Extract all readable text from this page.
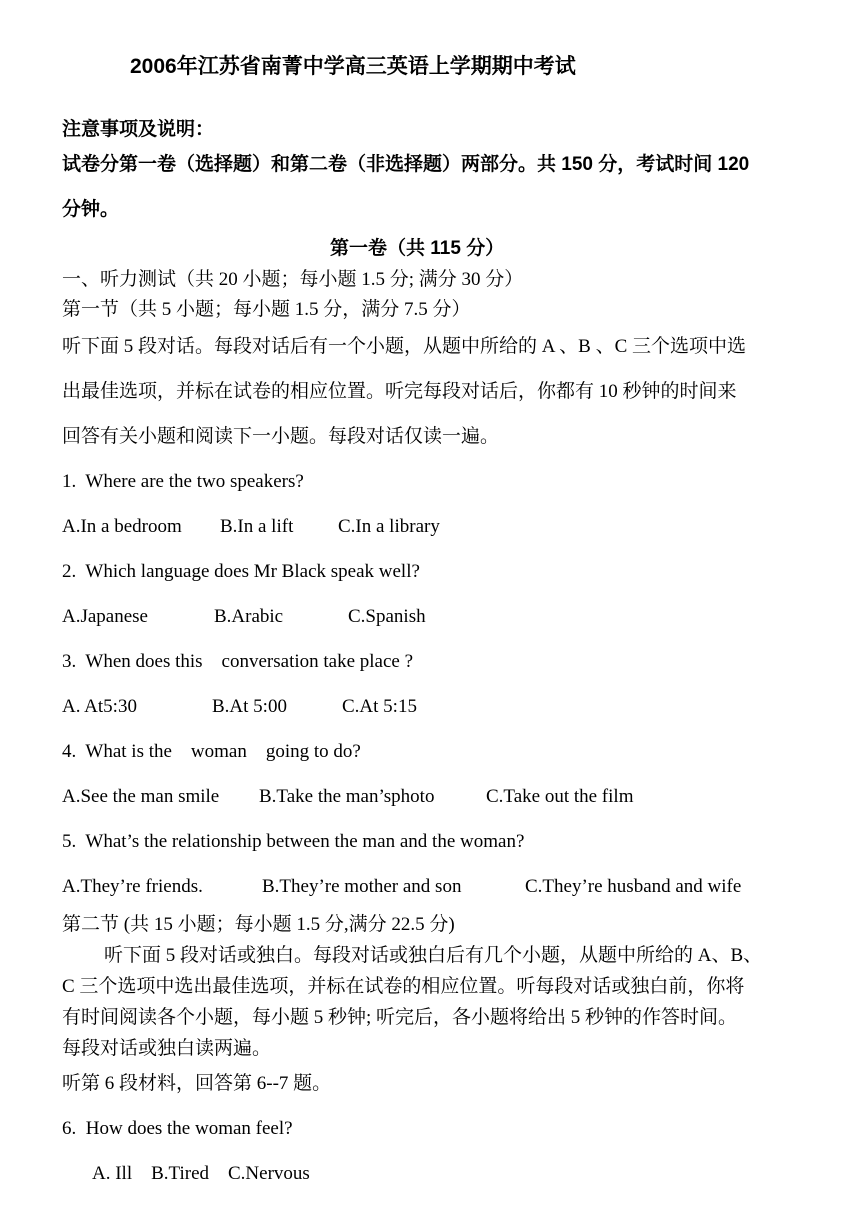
2006年江苏省南菁中学高三英语上学期期中考试
注意事项及说明：
试卷分第一卷（选择题）和第二卷（非选择题）两部分。共 150 分，考试时间 120
分钟。
第一卷（共 115 分）
一、听力测试（共 20 小题；每小题 1.5 分; 满分 30 分）
第一节（共 5 小题；每小题 1.5 分，满分 7.5 分）
听下面 5 段对话。每段对话后有一个小题，从题中所给的 A 、B 、C 三个选项中选
出最佳选项，并标在试卷的相应位置。听完每段对话后，你都有 10 秒钟的时间来
回答有关小题和阅读下一小题。每段对话仅读一遍。
1.  Where are the two speakers?
A.In a bedroom B.In a lift C.In a library
2.  Which language does Mr Black speak well?
A.Japanese	B.Arabic	C.Spanish
3.  When does this    conversation take place ?
A. At5:30	B.At 5:00	C.At 5:15
4.  What is the    woman    going to do?
A.See the man smile B.Take the man’sphoto	C.Take out the film
5.  What’s the relationship between the man and the woman?
A.They’re friends.	B.They’re mother and son	C.They’re husband and wife
第二节 (共 15 小题；每小题 1.5 分,满分 22.5 分)
听下面 5 段对话或独白。每段对话或独白后有几个小题，从题中所给的 A、B、
C 三个选项中选出最佳选项，并标在试卷的相应位置。听每段对话或独白前，你将
有时间阅读各个小题，每小题 5 秒钟; 听完后，各小题将给出 5 秒钟的作答时间。
每段对话或独白读两遍。
听第 6 段材料，回答第 6--7 题。
6.  How does the woman feel?
A. Ill    B.Tired    C.Nervous
